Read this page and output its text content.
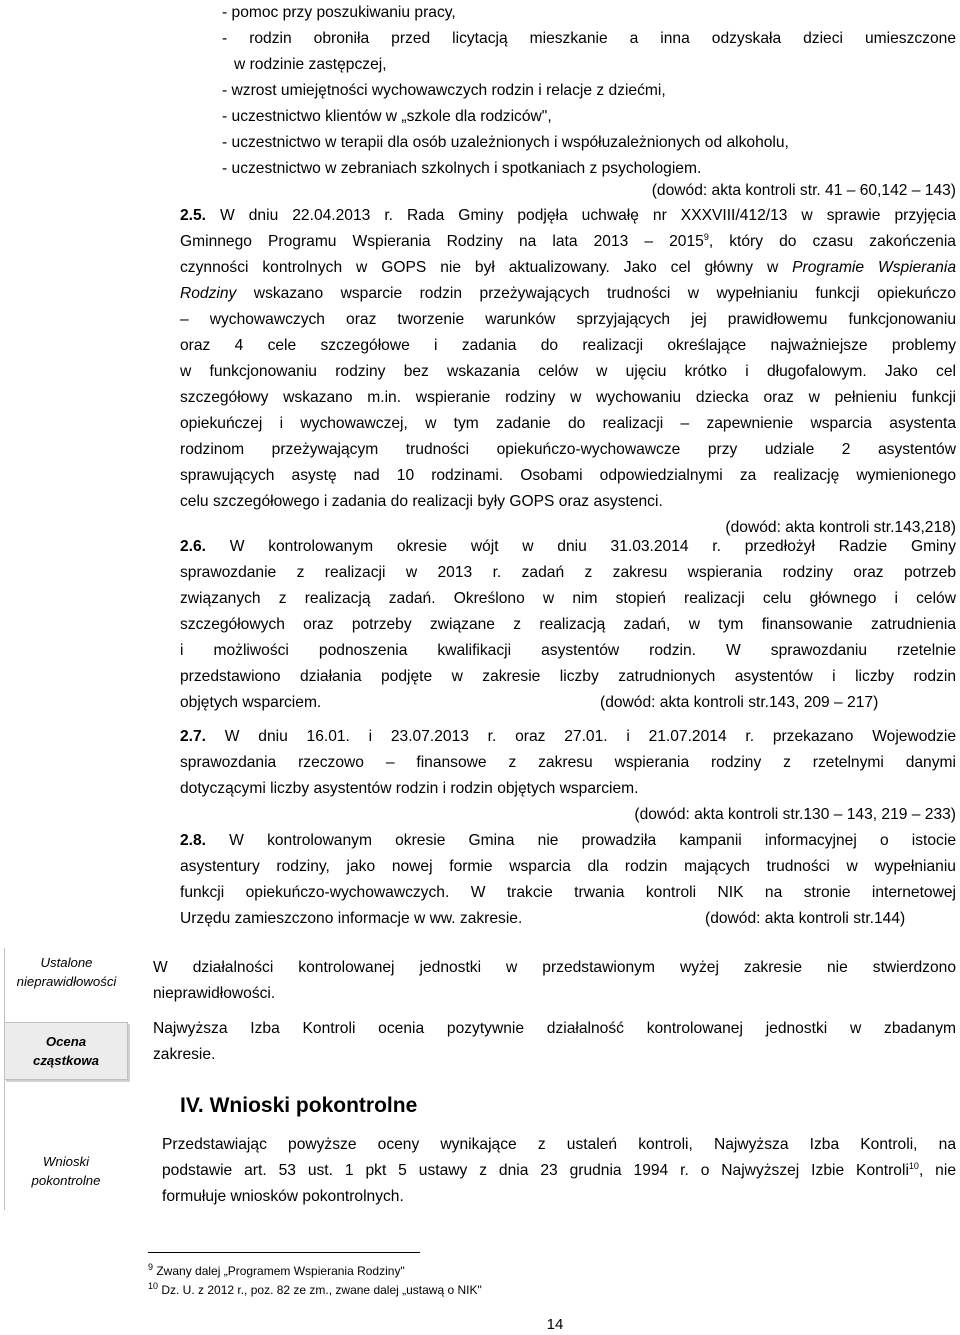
- pomoc przy poszukiwaniu pracy,
- rodzin obroniła przed licytacją mieszkanie a inna odzyskała dzieci umieszczone
w rodzinie zastępczej,
- wzrost umiejętności wychowawczych rodzin i relacje z dziećmi,
- uczestnictwo klientów w „szkole dla rodziców",
- uczestnictwo w terapii dla osób uzależnionych i współuzależnionych od alkoholu,
- uczestnictwo w zebraniach szkolnych i spotkaniach z psychologiem.
(dowód: akta kontroli str. 41 – 60,142 – 143)
2.5. W dniu 22.04.2013 r. Rada Gminy podjęła uchwałę nr XXXVIII/412/13 w sprawie przyjęcia
Gminnego Programu Wspierania Rodziny na lata 2013 – 2015$^9$, który do czasu zakończenia
czynności kontrolnych w GOPS nie był aktualizowany. Jako cel główny w Programie Wspierania
Rodziny wskazano wsparcie rodzin przeżywających trudności w wypełnianiu funkcji opiekuńczo
– wychowawczych oraz tworzenie warunków sprzyjających jej prawidłowemu funkcjonowaniu
oraz 4 cele szczegółowe i zadania do realizacji określające najważniejsze problemy
w funkcjonowaniu rodziny bez wskazania celów w ujęciu krótko i długofalowym. Jako cel
szczegółowy wskazano m.in. wspieranie rodziny w wychowaniu dziecka oraz w pełnieniu funkcji
opiekuńczej i wychowawczej, w tym zadanie do realizacji – zapewnienie wsparcia asystenta
rodzinom przeżywającym trudności opiekuńczo-wychowawcze przy udziale 2 asystentów
sprawujących asystę nad 10 rodzinami. Osobami odpowiedzialnymi za realizację wymienionego
celu szczegółowego i zadania do realizacji były GOPS oraz asystenci.
(dowód: akta kontroli str.143,218)
2.6. W kontrolowanym okresie wójt w dniu 31.03.2014 r. przedłożył Radzie Gminy
sprawozdanie z realizacji w 2013 r. zadań z zakresu wspierania rodziny oraz potrzeb
związanych z realizacją zadań. Określono w nim stopień realizacji celu głównego i celów
szczegółowych oraz potrzeby związane z realizacją zadań, w tym finansowanie zatrudnienia
i możliwości podnoszenia kwalifikacji asystentów rodzin. W sprawozdaniu rzetelnie
przedstawiono działania podjęte w zakresie liczby zatrudnionych asystentów i liczby rodzin
objętych wsparciem.	(dowód: akta kontroli str.143, 209 – 217)
2.7. W dniu 16.01. i 23.07.2013 r. oraz 27.01. i 21.07.2014 r. przekazano Wojewodzie
sprawozdania rzeczowo – finansowe z zakresu wspierania rodziny z rzetelnymi danymi
dotyczącymi liczby asystentów rodzin i rodzin objętych wsparciem.
(dowód: akta kontroli str.130 – 143, 219 – 233)
2.8. W kontrolowanym okresie Gmina nie prowadziła kampanii informacyjnej o istocie
asystentury rodziny, jako nowej formie wsparcia dla rodzin mających trudności w wypełnianiu
funkcji opiekuńczo-wychowawczych. W trakcie trwania kontroli NIK na stronie internetowej
Urzędu zamieszczono informacje w ww. zakresie.	(dowód: akta kontroli str.144)
Ustalone
nieprawidłowości
Ocena
cząstkowa
Wnioski
pokontrolne
W działalności kontrolowanej jednostki w przedstawionym wyżej zakresie nie stwierdzono
nieprawidłowości.
Najwyższa Izba Kontroli ocenia pozytywnie działalność kontrolowanej jednostki w zbadanym
zakresie.
IV. Wnioski pokontrolne
Przedstawiając powyższe oceny wynikające z ustaleń kontroli, Najwyższa Izba Kontroli, na
podstawie art. 53 ust. 1 pkt 5 ustawy z dnia 23 grudnia 1994 r. o Najwyższej Izbie Kontroli$^{10}$, nie
formułuje wniosków pokontrolnych.
$^9$ Zwany dalej „Programem Wspierania Rodziny"
$^{10}$ Dz. U. z 2012 r., poz. 82 ze zm., zwane dalej „ustawą o NIK"
14
